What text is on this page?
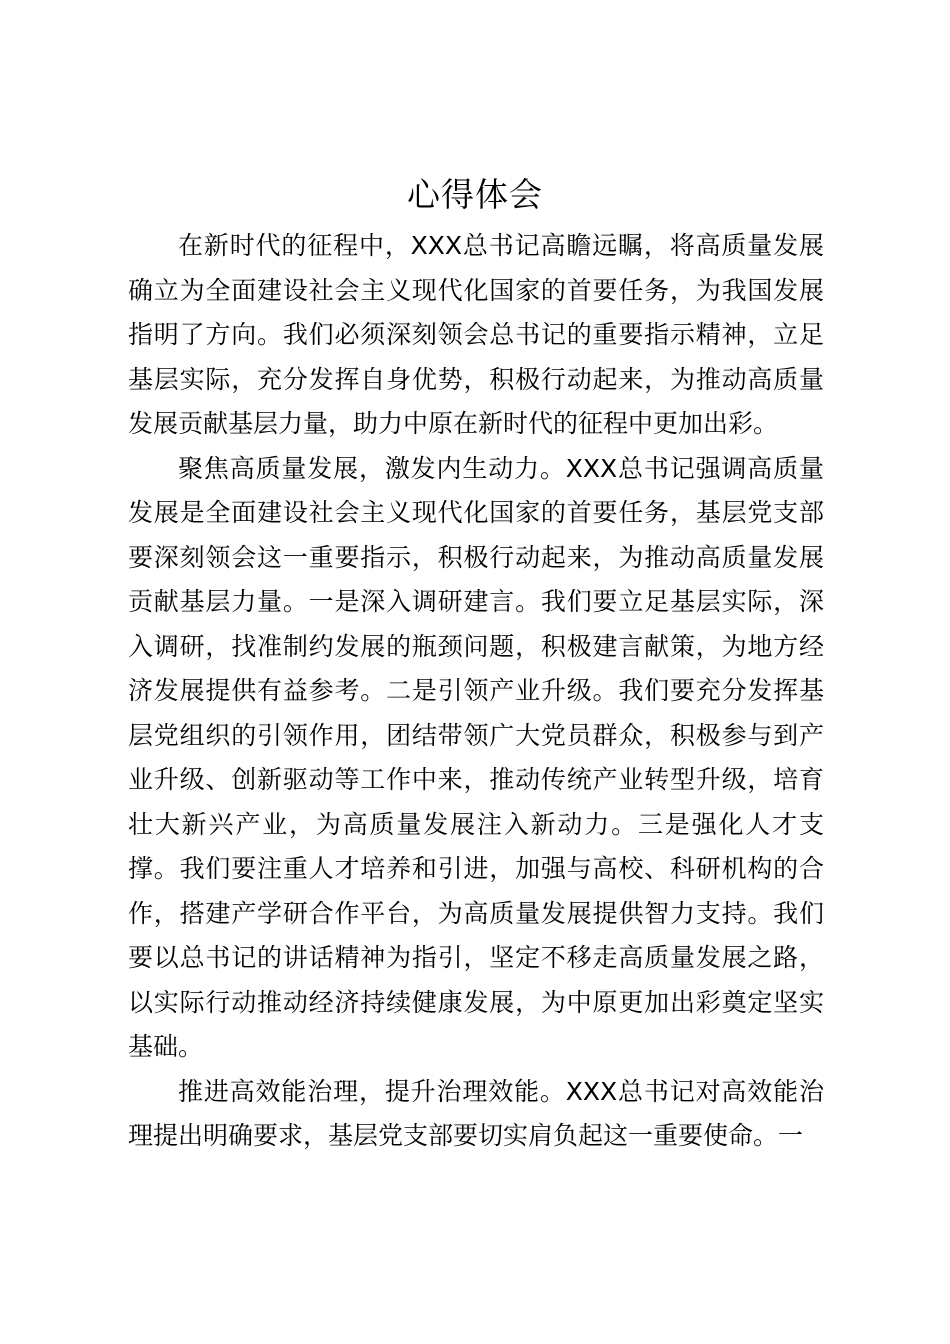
心得体会

在新时代的征程中，XXX总书记高瞻远瞩，将高质量发展确立为全面建设社会主义现代化国家的首要任务，为我国发展指明了方向。我们必须深刻领会总书记的重要指示精神，立足基层实际，充分发挥自身优势，积极行动起来，为推动高质量发展贡献基层力量，助力中原在新时代的征程中更加出彩。

聚焦高质量发展，激发内生动力。XXX总书记强调高质量发展是全面建设社会主义现代化国家的首要任务，基层党支部要深刻领会这一重要指示，积极行动起来，为推动高质量发展贡献基层力量。一是深入调研建言。我们要立足基层实际，深入调研，找准制约发展的瓶颈问题，积极建言献策，为地方经济发展提供有益参考。二是引领产业升级。我们要充分发挥基层党组织的引领作用，团结带领广大党员群众，积极参与到产业升级、创新驱动等工作中来，推动传统产业转型升级，培育壮大新兴产业，为高质量发展注入新动力。三是强化人才支撑。我们要注重人才培养和引进，加强与高校、科研机构的合作，搭建产学研合作平台，为高质量发展提供智力支持。我们要以总书记的讲话精神为指引，坚定不移走高质量发展之路，以实际行动推动经济持续健康发展，为中原更加出彩奠定坚实基础。

推进高效能治理，提升治理效能。XXX总书记对高效能治理提出明确要求，基层党支部要切实肩负起这一重要使命。一
